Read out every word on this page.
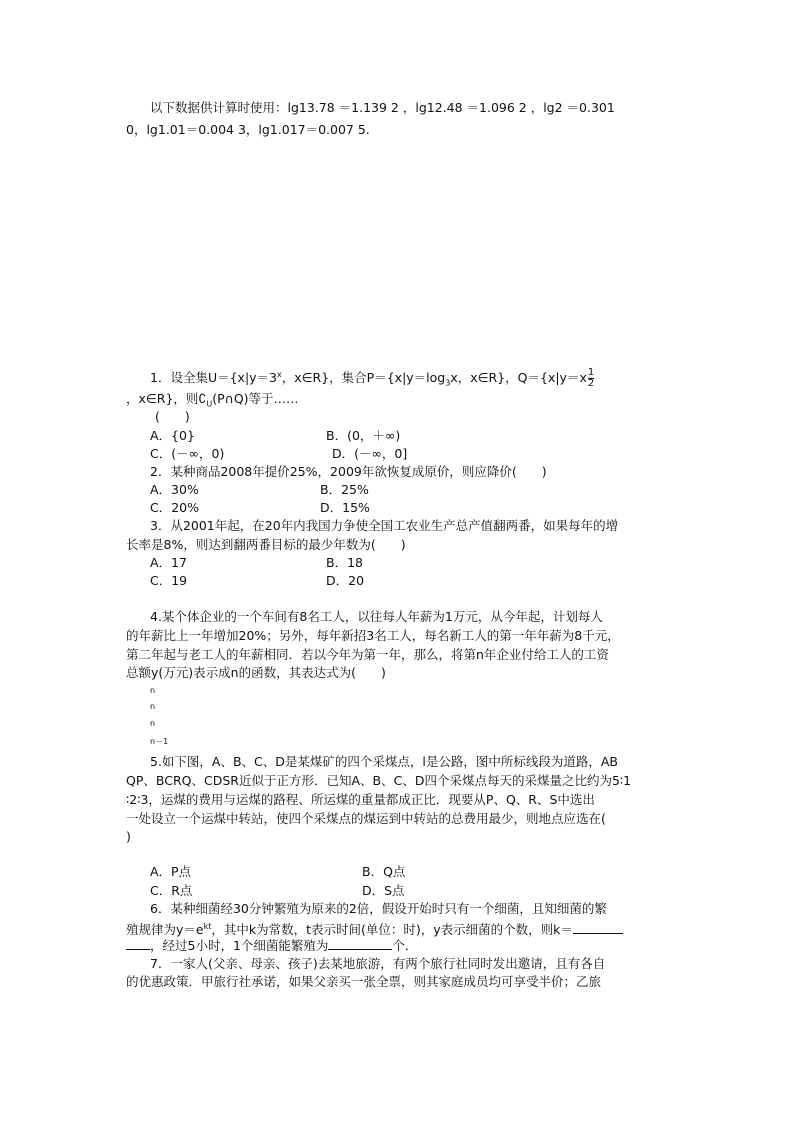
以下数据供计算时使用：lg13.78 ＝1.139 2 ，lg12.48 ＝1.096 2 ，lg2 ＝0.301
0，lg1.01＝0.004 3，lg1.017＝0.007 5.
1．设全集$U=\{x|y=3^x$，x∈R}，集合$P=\{x|y=\log_3x$，x∈R}，$Q=\{x|y=x \frac{1}{2}$
，x∈R}，则$∁_U(P\cap Q)$等于……
(　　)
A．{0}	B．(0，＋∞)
C．(－∞，0)	D．(－∞，0]
2．某种商品2008年提价25%，2009年欲恢复成原价，则应降价(　　)
A．30%	B．25%
C．20%	D．15%
3．从2001年起，在20年内我国力争使全国工农业生产总产值翻两番，如果每年的增
长率是8%，则达到翻两番目标的最少年数为(　　)
A．17	B．18
C．19	D．20
4.某个体企业的一个车间有8名工人，以往每人年薪为1万元，从今年起，计划每人
的年薪比上一年增加20%；另外，每年新招3名工人，每名新工人的第一年年薪为8千元，
第二年起与老工人的年薪相同．若以今年为第一年，那么，将第n年企业付给工人的工资
总额y(万元)表示成n的函数，其表达式为(　　)
n
n
n
n－1
5.如下图，A、B、C、D是某煤矿的四个采煤点，l是公路，图中所标线段为道路，AB
QP、BCRQ、CDSR近似于正方形．已知A、B、C、D四个采煤点每天的采煤量之比约为5∶1
∶2∶3，运煤的费用与运煤的路程、所运煤的重量都成正比．现要从P、Q、R、S中选出
一处设立一个运煤中转站，使四个采煤点的煤运到中转站的总费用最少，则地点应选在(
)
A．P点	B．Q点
C．R点	D．S点
6．某种细菌经30分钟繁殖为原来的2倍，假设开始时只有一个细菌，且知细菌的繁
殖规律为$y=e^{kt}$，其中k为常数，t表示时间(单位：时)，y表示细菌的个数，则k＝
，经过5小时，1个细菌能繁殖为	个．
7．一家人(父亲、母亲、孩子)去某地旅游，有两个旅行社同时发出邀请，且有各自
的优惠政策．甲旅行社承诺，如果父亲买一张全票，则其家庭成员均可享受半价；乙旅
